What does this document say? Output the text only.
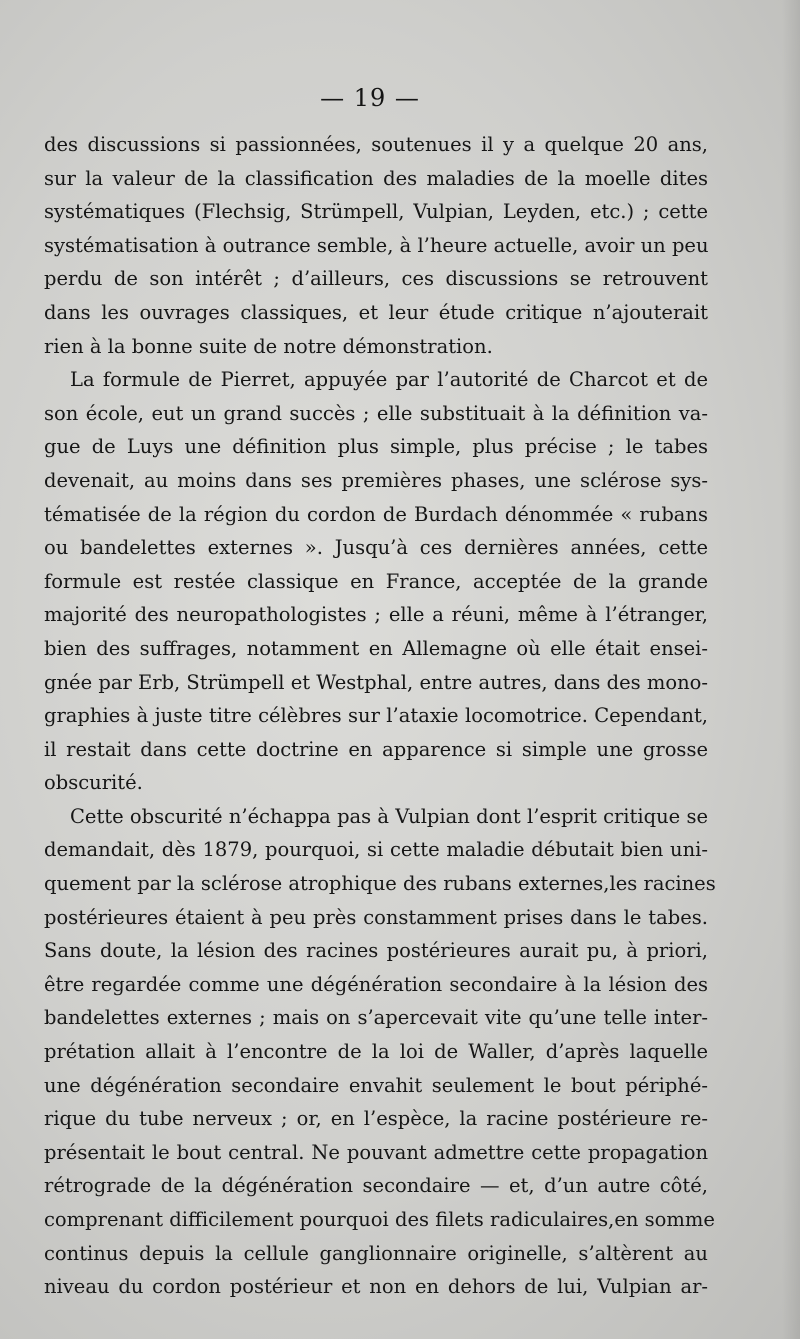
— 19 —
des discussions si passionnées, soutenues il y a quelque 20 ans,
sur la valeur de la classification des maladies de la moelle dites
systématiques (Flechsig, Strümpell, Vulpian, Leyden, etc.) ; cette
systématisation à outrance semble, à l’heure actuelle, avoir un peu
perdu de son intérêt ; d’ailleurs, ces discussions se retrouvent
dans les ouvrages classiques, et leur étude critique n’ajouterait
rien à la bonne suite de notre démonstration.
La formule de Pierret, appuyée par l’autorité de Charcot et de
son école, eut un grand succès ; elle substituait à la définition va-
gue de Luys une définition plus simple, plus précise ; le tabes
devenait, au moins dans ses premières phases, une sclérose sys-
tématisée de la région du cordon de Burdach dénommée « rubans
ou bandelettes externes ». Jusqu’à ces dernières années, cette
formule est restée classique en France, acceptée de la grande
majorité des neuropathologistes ; elle a réuni, même à l’étranger,
bien des suffrages, notamment en Allemagne où elle était ensei-
gnée par Erb, Strümpell et Westphal, entre autres, dans des mono-
graphies à juste titre célèbres sur l’ataxie locomotrice. Cependant,
il restait dans cette doctrine en apparence si simple une grosse
obscurité.
Cette obscurité n’échappa pas à Vulpian dont l’esprit critique se
demandait, dès 1879, pourquoi, si cette maladie débutait bien uni-
quement par la sclérose atrophique des rubans externes,les racines
postérieures étaient à peu près constamment prises dans le tabes.
Sans doute, la lésion des racines postérieures aurait pu, à priori,
être regardée comme une dégénération secondaire à la lésion des
bandelettes externes ; mais on s’apercevait vite qu’une telle inter-
prétation allait à l’encontre de la loi de Waller, d’après laquelle
une dégénération secondaire envahit seulement le bout périphé-
rique du tube nerveux ; or, en l’espèce, la racine postérieure re-
présentait le bout central. Ne pouvant admettre cette propagation
rétrograde de la dégénération secondaire — et, d’un autre côté,
comprenant difficilement pourquoi des filets radiculaires,en somme
continus depuis la cellule ganglionnaire originelle, s’altèrent au
niveau du cordon postérieur et non en dehors de lui, Vulpian ar-
